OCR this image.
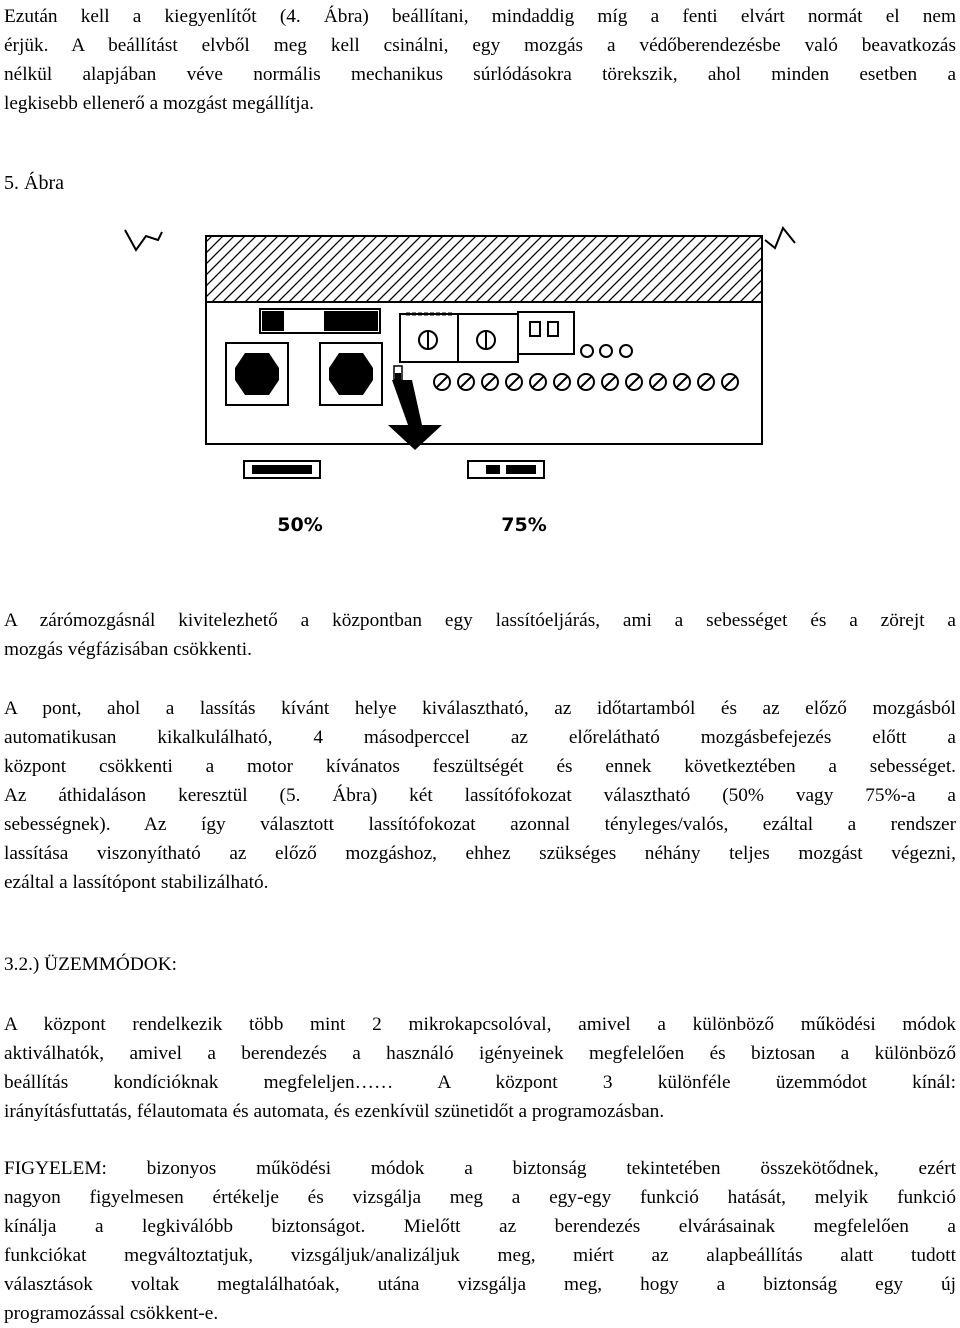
Ezután kell a kiegyenlítőt (4. Ábra) beállítani, mindaddig míg a fenti elvárt normát el nem
érjük. A beállítást elvből meg kell csinálni, egy mozgás a védőberendezésbe való beavatkozás
nélkül alapjában véve normális mechanikus súrlódásokra törekszik, ahol minden esetben a
legkisebb ellenerő a mozgást megállítja.

5. Ábra

50%	75%
A zárómozgásnál kivitelezhető a központban egy lassítóeljárás, ami a sebességet és a zörejt a
mozgás végfázisában csökkenti.
A pont, ahol a lassítás kívánt helye kiválasztható, az időtartamból és az előző mozgásból
automatikusan kikalkulálható, 4 másodperccel az előrelátható mozgásbefejezés előtt a
központ csökkenti a motor kívánatos feszültségét és ennek következtében a sebességet.
Az áthidaláson keresztül (5. Ábra) két lassítófokozat választható (50% vagy 75%-a a
sebességnek). Az így választott lassítófokozat azonnal tényleges/valós, ezáltal a rendszer
lassítása viszonyítható az előző mozgáshoz, ehhez szükséges néhány teljes mozgást végezni,
ezáltal a lassítópont stabilizálható.

3.2.) ÜZEMMÓDOK:

A központ rendelkezik több mint 2 mikrokapcsolóval, amivel a különböző működési módok
aktiválhatók, amivel a berendezés a használó igényeinek megfelelően és biztosan a különböző
beállítás kondícióknak megfeleljen…… A központ 3 különféle üzemmódot kínál:
irányításfuttatás, félautomata és automata, és ezenkívül szünetidőt a programozásban.
FIGYELEM: bizonyos működési módok a biztonság tekintetében összekötődnek, ezért
nagyon figyelmesen értékelje és vizsgálja meg a egy-egy funkció hatását, melyik funkció
kínálja a legkiválóbb biztonságot. Mielőtt az berendezés elvárásainak megfelelően a
funkciókat megváltoztatjuk, vizsgáljuk/analizáljuk meg, miért az alapbeállítás alatt tudott
választások voltak megtalálhatóak, utána vizsgálja meg, hogy a biztonság egy új
programozással csökkent-e.
